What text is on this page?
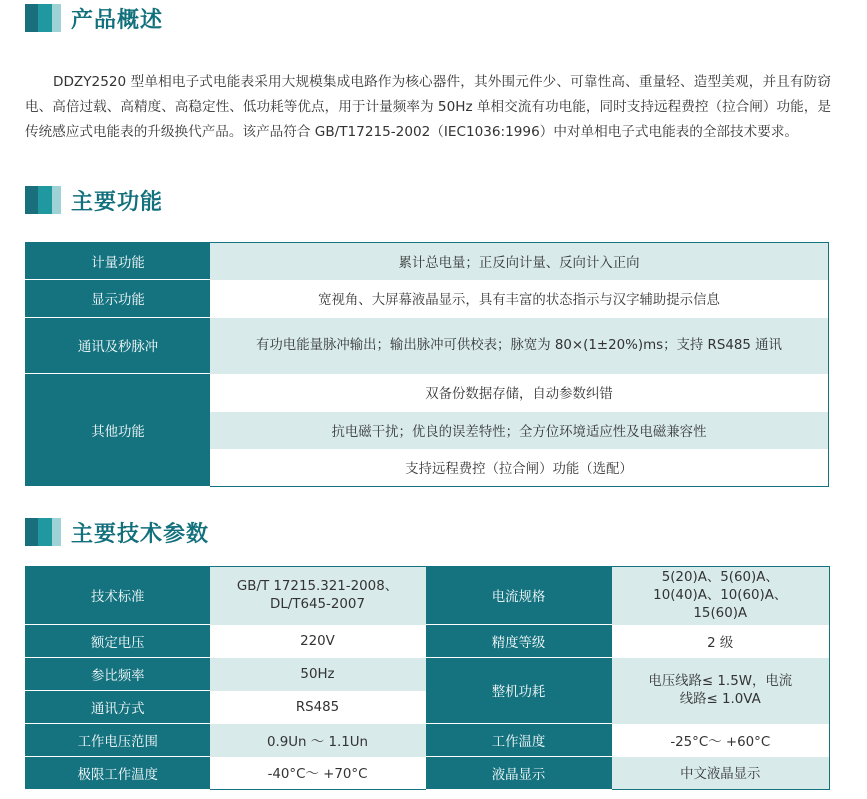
产品概述

DDZY2520 型单相电子式电能表采用大规模集成电路作为核心器件，其外围元件少、可靠性高、重量轻、造型美观，并且有防窃电、高倍过载、高精度、高稳定性、低功耗等优点，用于计量频率为 50Hz 单相交流有功电能，同时支持远程费控（拉合闸）功能，是传统感应式电能表的升级换代产品。该产品符合 GB/T17215-2002（IEC1036:1996）中对单相电子式电能表的全部技术要求。

主要功能
计量功能	累计总电量；正反向计量、反向计入正向
显示功能	宽视角、大屏幕液晶显示，具有丰富的状态指示与汉字辅助提示信息
通讯及秒脉冲	有功电能量脉冲输出；输出脉冲可供校表；脉宽为 80×(1±20%)ms；支持 RS485 通讯

其他功能	双备份数据存储，自动参数纠错
	抗电磁干扰；优良的误差特性；全方位环境适应性及电磁兼容性
	支持远程费控（拉合闸）功能（选配）
主要技术参数
技术标准	GB/T 17215.321-2008、DL/T645-2007	电流规格	5(20)A、5(60)A、10(40)A、10(60)A、15(60)A

额定电压	220V	精度等级	2 级
参比频率	50Hz	整机功耗	电压线路≤ 1.5W，电流线路≤ 1.0VA

通讯方式	RS485		
工作电压范围	0.9Un ～ 1.1Un	工作温度	-25°C～ +60°C
极限工作温度	-40°C～ +70°C	液晶显示	中文液晶显示
